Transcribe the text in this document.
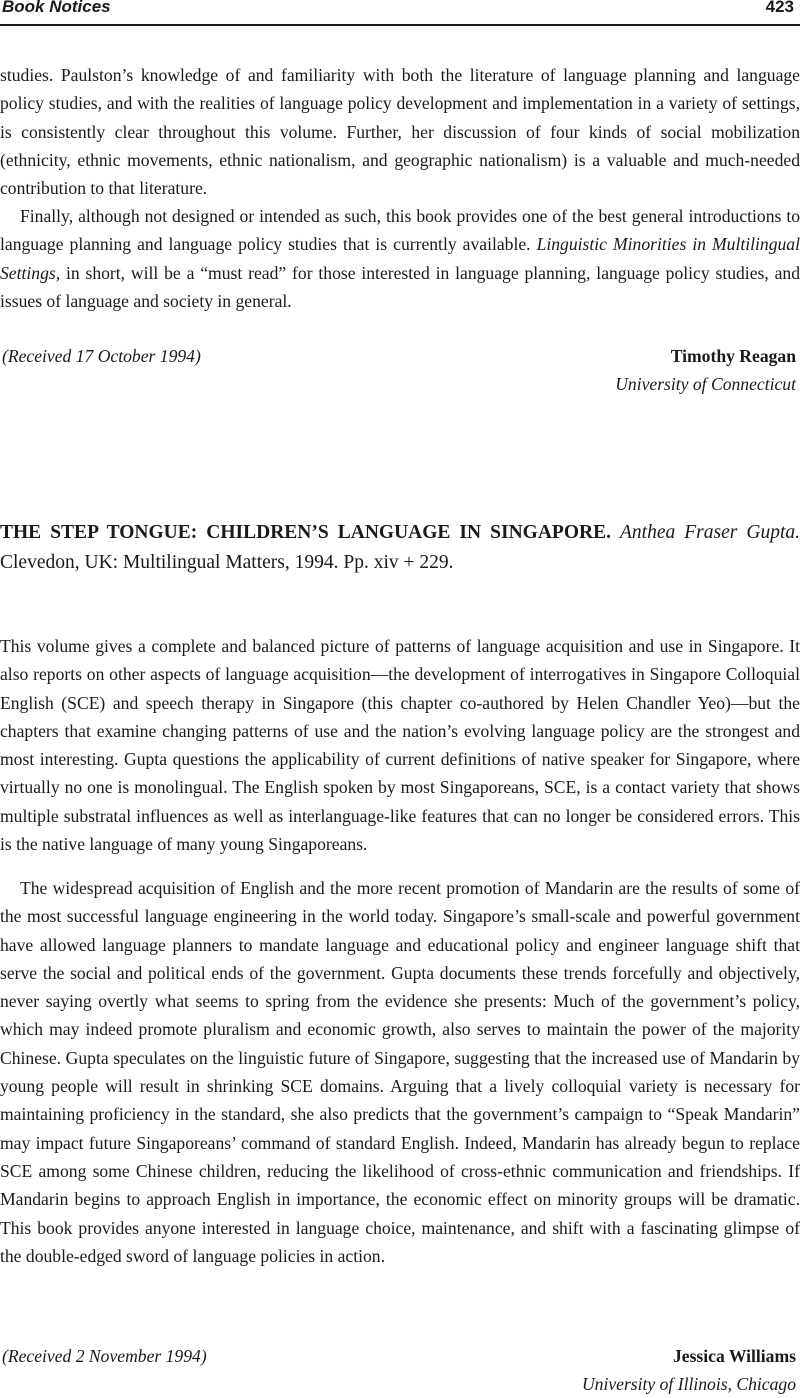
Book Notices	423

studies. Paulston’s knowledge of and familiarity with both the literature of language planning and language policy studies, and with the realities of language policy development and implementation in a variety of settings, is consistently clear throughout this volume. Further, her discussion of four kinds of social mobilization (ethnicity, ethnic movements, ethnic nationalism, and geographic nationalism) is a valuable and much-needed contribution to that literature.

Finally, although not designed or intended as such, this book provides one of the best general introductions to language planning and language policy studies that is currently available. Linguistic Minorities in Multilingual Settings, in short, will be a “must read” for those interested in language planning, language policy studies, and issues of language and society in general.

(Received 17 October 1994)	Timothy Reagan
University of Connecticut

THE STEP TONGUE: CHILDREN’S LANGUAGE IN SINGAPORE. Anthea Fraser Gupta. Clevedon, UK: Multilingual Matters, 1994. Pp. xiv + 229.

This volume gives a complete and balanced picture of patterns of language acquisition and use in Singapore. It also reports on other aspects of language acquisition—the development of interrogatives in Singapore Colloquial English (SCE) and speech therapy in Singapore (this chapter co-authored by Helen Chandler Yeo)—but the chapters that examine changing patterns of use and the nation’s evolving language policy are the strongest and most interesting. Gupta questions the applicability of current definitions of native speaker for Singapore, where virtually no one is monolingual. The English spoken by most Singaporeans, SCE, is a contact variety that shows multiple substratal influences as well as interlanguage-like features that can no longer be considered errors. This is the native language of many young Singaporeans.

The widespread acquisition of English and the more recent promotion of Mandarin are the results of some of the most successful language engineering in the world today. Singapore’s small-scale and powerful government have allowed language planners to mandate language and educational policy and engineer language shift that serve the social and political ends of the government. Gupta documents these trends forcefully and objectively, never saying overtly what seems to spring from the evidence she presents: Much of the government’s policy, which may indeed promote pluralism and economic growth, also serves to maintain the power of the majority Chinese. Gupta speculates on the linguistic future of Singapore, suggesting that the increased use of Mandarin by young people will result in shrinking SCE domains. Arguing that a lively colloquial variety is necessary for maintaining proficiency in the standard, she also predicts that the government’s campaign to “Speak Mandarin” may impact future Singaporeans’ command of standard English. Indeed, Mandarin has already begun to replace SCE among some Chinese children, reducing the likelihood of cross-ethnic communication and friendships. If Mandarin begins to approach English in importance, the economic effect on minority groups will be dramatic. This book provides anyone interested in language choice, maintenance, and shift with a fascinating glimpse of the double-edged sword of language policies in action.

(Received 2 November 1994)	Jessica Williams
University of Illinois, Chicago
